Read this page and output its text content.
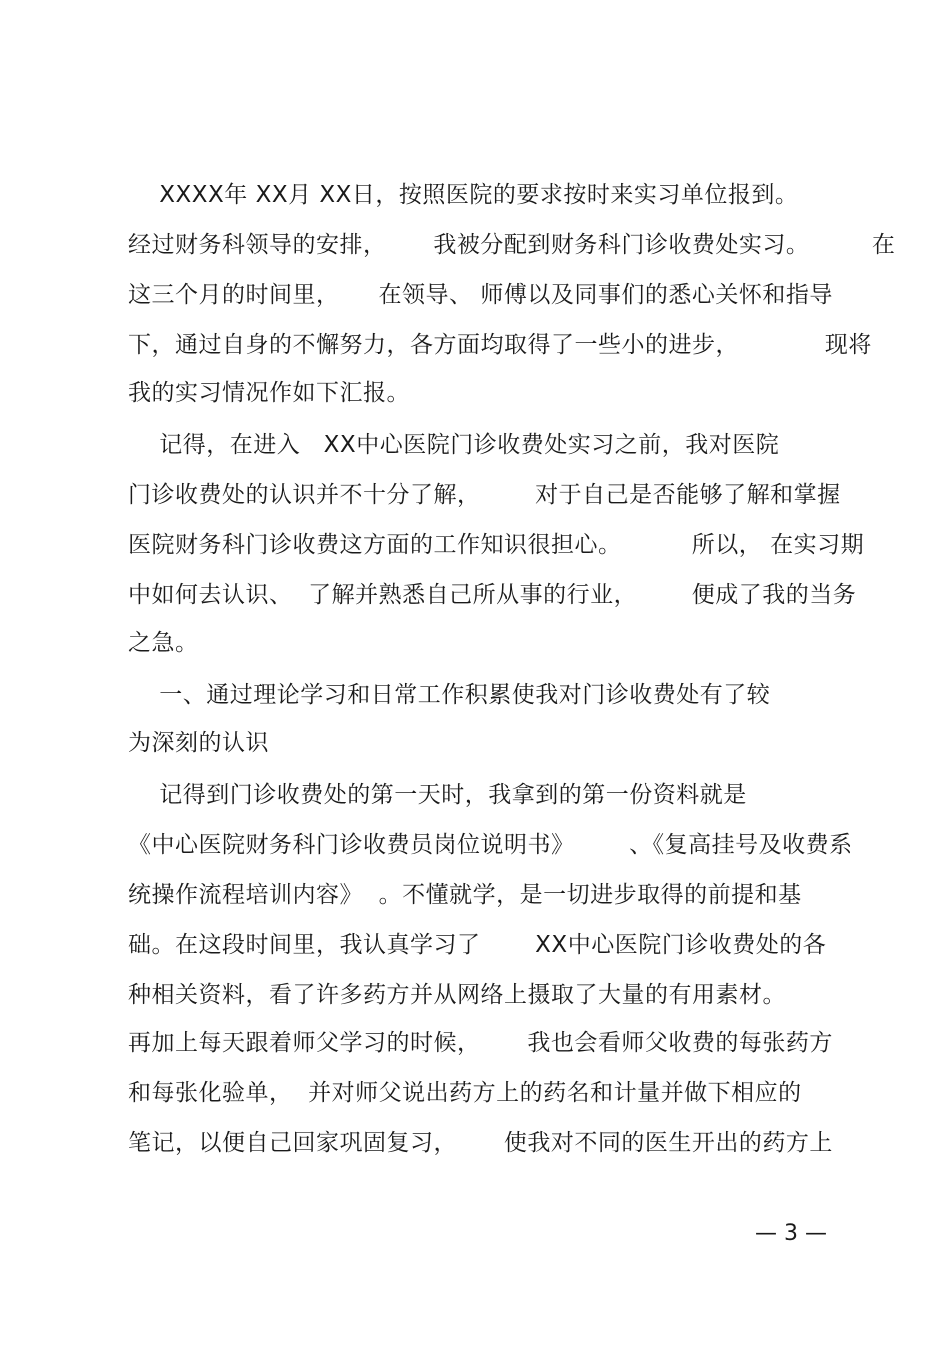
XXXX年 XX月 XX日，按照医院的要求按时来实习单位报到。
经过财务科领导的安排，      我被分配到财务科门诊收费处实习。        在
这三个月的时间里，     在领导、 师傅以及同事们的悉心关怀和指导
下，通过自身的不懈努力，各方面均取得了一些小的进步，           现将
我的实习情况作如下汇报。
记得，在进入   XX中心医院门诊收费处实习之前，我对医院
门诊收费处的认识并不十分了解，       对于自己是否能够了解和掌握
医院财务科门诊收费这方面的工作知识很担心。         所以， 在实习期
中如何去认识、  了解并熟悉自己所从事的行业，       便成了我的当务
之急。
一、通过理论学习和日常工作积累使我对门诊收费处有了较
为深刻的认识
记得到门诊收费处的第一天时，我拿到的第一份资料就是
《中心医院财务科门诊收费员岗位说明书》       、《复高挂号及收费系
统操作流程培训内容》  。不懂就学，是一切进步取得的前提和基
础。在这段时间里，我认真学习了       XX中心医院门诊收费处的各
种相关资料，看了许多药方并从网络上摄取了大量的有用素材。
再加上每天跟着师父学习的时候，      我也会看师父收费的每张药方
和每张化验单，  并对师父说出药方上的药名和计量并做下相应的
笔记，以便自己回家巩固复习，      使我对不同的医生开出的药方上
— 3 —
